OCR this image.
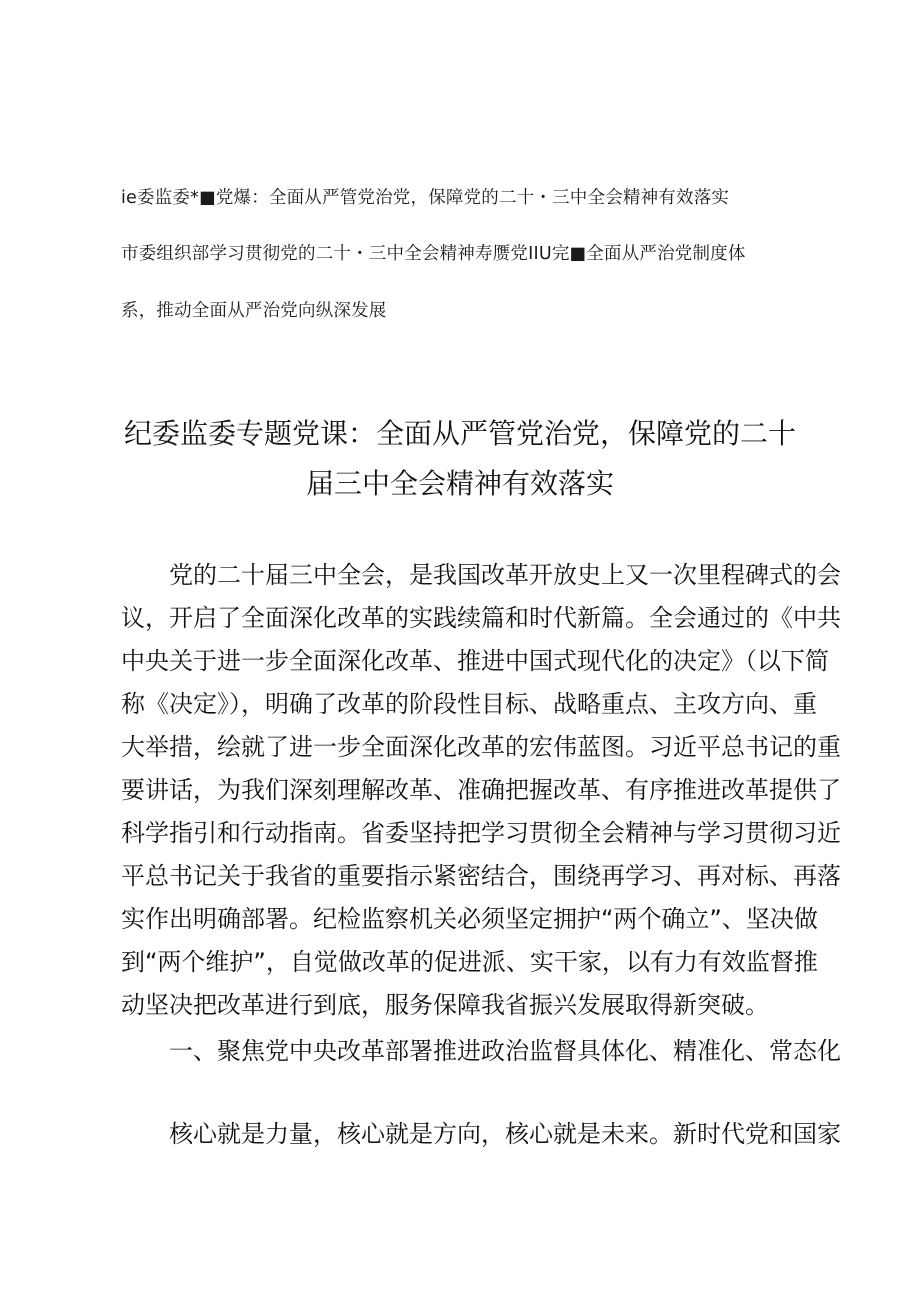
ie委监委*■党爆：全面从严管党治党，保障党的二十・三中全会精神有效落实
市委组织部学习贯彻党的二十・三中全会精神寿赝党IIU完■全面从严治党制度体
系，推动全面从严治党向纵深发展
纪委监委专题党课：全面从严管党治党，保障党的二十
届三中全会精神有效落实
党的二十届三中全会，是我国改革开放史上又一次里程碑式的会
议，开启了全面深化改革的实践续篇和时代新篇。全会通过的《中共
中央关于进一步全面深化改革、推进中国式现代化的决定》（以下简
称《决定》），明确了改革的阶段性目标、战略重点、主攻方向、重
大举措，绘就了进一步全面深化改革的宏伟蓝图。习近平总书记的重
要讲话，为我们深刻理解改革、准确把握改革、有序推进改革提供了
科学指引和行动指南。省委坚持把学习贯彻全会精神与学习贯彻习近
平总书记关于我省的重要指示紧密结合，围绕再学习、再对标、再落
实作出明确部署。纪检监察机关必须坚定拥护“两个确立”、坚决做
到“两个维护”，自觉做改革的促进派、实干家，以有力有效监督推
动坚决把改革进行到底，服务保障我省振兴发展取得新突破。
一、聚焦党中央改革部署推进政治监督具体化、精准化、常态化
核心就是力量，核心就是方向，核心就是未来。新时代党和国家
